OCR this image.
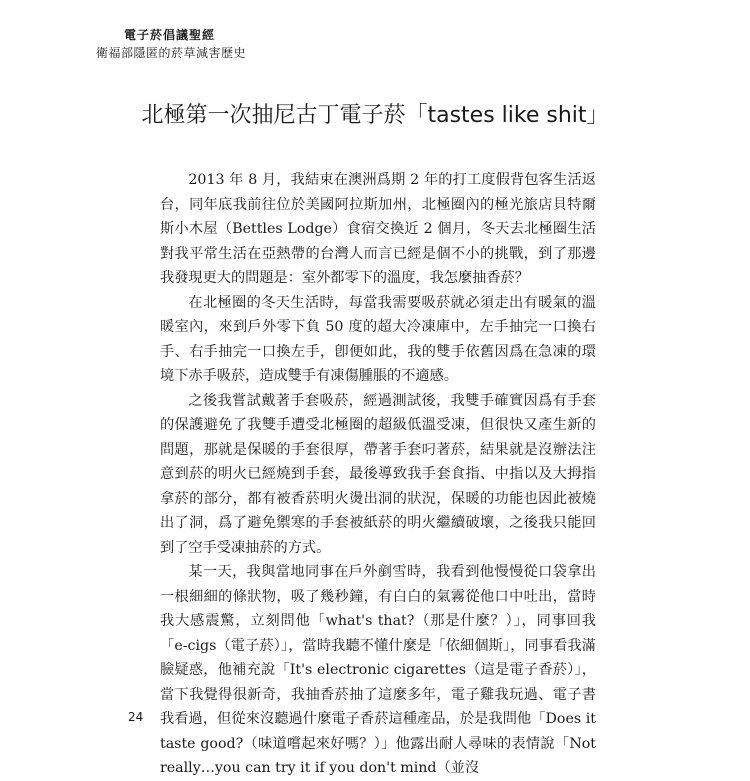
電子菸倡議聖經
衛福部隱匿的菸草減害歷史
北極第一次抽尼古丁電子菸「tastes like shit」

2013 年 8 月，我結束在澳洲爲期 2 年的打工度假背包客生活返台，同年底我前往位於美國阿拉斯加州，北極圈內的極光旅店貝特爾斯小木屋（Bettles Lodge）食宿交換近 2 個月，冬天去北極圈生活對我平常生活在亞熱帶的台灣人而言已經是個不小的挑戰，到了那邊我發現更大的問題是：室外都零下的溫度，我怎麼抽香菸？

在北極圈的冬天生活時，每當我需要吸菸就必須走出有暖氣的溫暖室內，來到戶外零下負 50 度的超大冷凍庫中，左手抽完一口換右手、右手抽完一口換左手，卽便如此，我的雙手依舊因爲在急凍的環境下赤手吸菸，造成雙手有凍傷腫脹的不適感。

之後我嘗試戴著手套吸菸，經過測試後，我雙手確實因爲有手套的保護避免了我雙手遭受北極圈的超級低溫受凍，但很快又產生新的問題，那就是保暖的手套很厚，帶著手套叼著菸，結果就是沒辦法注意到菸的明火已經燒到手套，最後導致我手套食指、中指以及大拇指拿菸的部分，都有被香菸明火燙出洞的狀況，保暖的功能也因此被燒出了洞，爲了避免禦寒的手套被紙菸的明火繼續破壞，之後我只能回到了空手受凍抽菸的方式。

某一天，我與當地同事在戶外剷雪時，我看到他慢慢從口袋拿出一根細細的條狀物，吸了幾秒鐘，有白白的氣霧從他口中吐出，當時我大感震驚，立刻問他「what's that?（那是什麼？）」，同事回我「e-cigs（電子菸）」，當時我聽不懂什麼是「依細個斯」，同事看我滿臉疑惑，他補充說「It's electronic cigarettes（這是電子香菸）」，當下我覺得很新奇，我抽香菸抽了這麼多年，電子雞我玩過、電子書我看過，但從來沒聽過什麼電子香菸這種產品，於是我問他「Does it taste good?（味道嚐起來好嗎？）」他露出耐人尋味的表情說「Not really…you can try it if you don't mind（並沒

24
